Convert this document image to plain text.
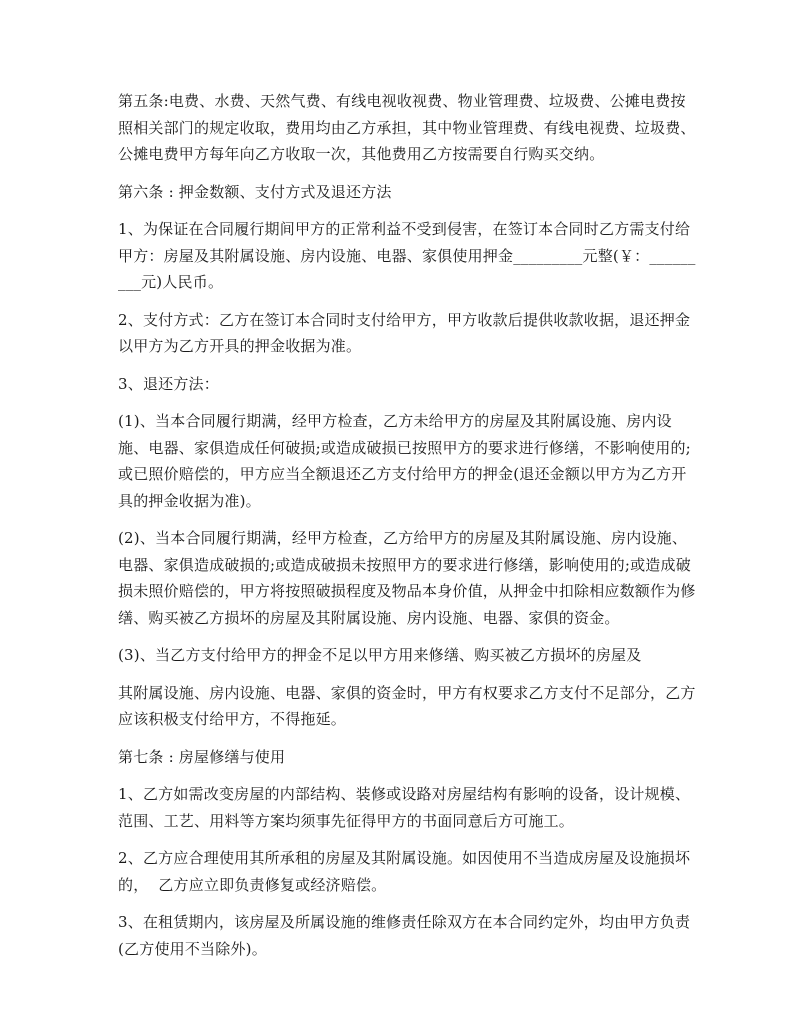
第五条:电费、水费、天然气费、有线电视收视费、物业管理费、垃圾费、公摊电费按照相关部门的规定收取，费用均由乙方承担，其中物业管理费、有线电视费、垃圾费、公摊电费甲方每年向乙方收取一次，其他费用乙方按需要自行购买交纳。

第六条 : 押金数额、支付方式及退还方法

1、为保证在合同履行期间甲方的正常利益不受到侵害，在签订本合同时乙方需支付给甲方：房屋及其附属设施、房内设施、电器、家俱使用押金_________元整(￥：_________元)人民币。

2、支付方式：乙方在签订本合同时支付给甲方，甲方收款后提供收款收据，退还押金以甲方为乙方开具的押金收据为准。

3、退还方法：

(1)、当本合同履行期满，经甲方检查，乙方未给甲方的房屋及其附属设施、房内设施、电器、家俱造成任何破损;或造成破损已按照甲方的要求进行修缮，不影响使用的;或已照价赔偿的，甲方应当全额退还乙方支付给甲方的押金(退还金额以甲方为乙方开具的押金收据为准)。

(2)、当本合同履行期满，经甲方检查，乙方给甲方的房屋及其附属设施、房内设施、电器、家俱造成破损的;或造成破损未按照甲方的要求进行修缮，影响使用的;或造成破损未照价赔偿的，甲方将按照破损程度及物品本身价值，从押金中扣除相应数额作为修缮、购买被乙方损坏的房屋及其附属设施、房内设施、电器、家俱的资金。

(3)、当乙方支付给甲方的押金不足以甲方用来修缮、购买被乙方损坏的房屋及

其附属设施、房内设施、电器、家俱的资金时，甲方有权要求乙方支付不足部分，乙方应该积极支付给甲方，不得拖延。

第七条 : 房屋修缮与使用

1、乙方如需改变房屋的内部结构、装修或设路对房屋结构有影响的设备，设计规模、范围、工艺、用料等方案均须事先征得甲方的书面同意后方可施工。

2、乙方应合理使用其所承租的房屋及其附属设施。如因使用不当造成房屋及设施损坏的，  乙方应立即负责修复或经济赔偿。

3、在租赁期内，该房屋及所属设施的维修责任除双方在本合同约定外，均由甲方负责(乙方使用不当除外)。
